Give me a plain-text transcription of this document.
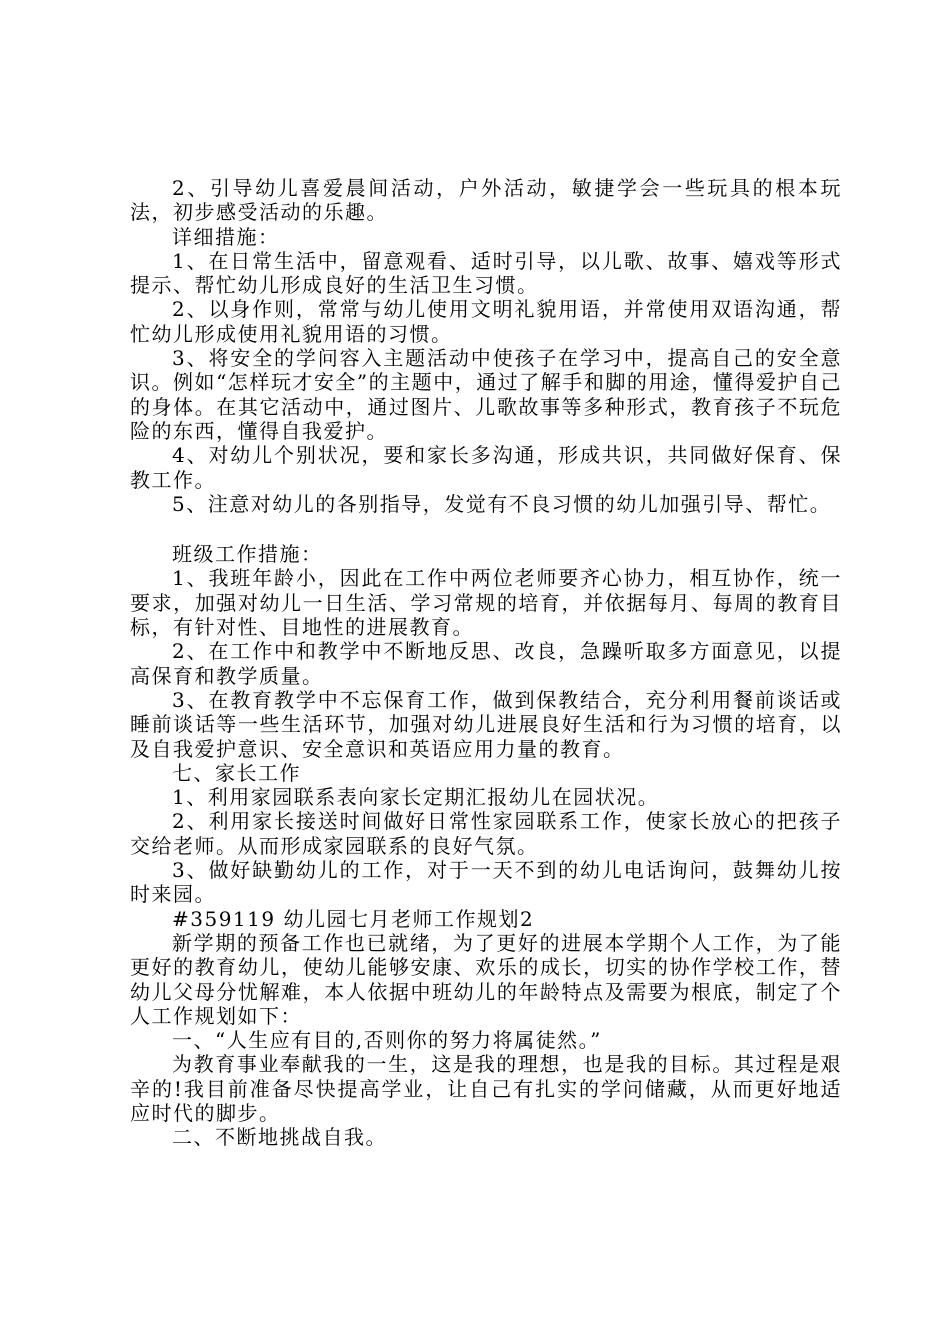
2、引导幼儿喜爱晨间活动，户外活动，敏捷学会一些玩具的根本玩法，初步感受活动的乐趣。

详细措施：

1、在日常生活中，留意观看、适时引导，以儿歌、故事、嬉戏等形式提示、帮忙幼儿形成良好的生活卫生习惯。

2、以身作则，常常与幼儿使用文明礼貌用语，并常使用双语沟通，帮忙幼儿形成使用礼貌用语的习惯。

3、将安全的学问容入主题活动中使孩子在学习中，提高自己的安全意识。例如“怎样玩才安全”的主题中，通过了解手和脚的用途，懂得爱护自己的身体。在其它活动中，通过图片、儿歌故事等多种形式，教育孩子不玩危险的东西，懂得自我爱护。

4、对幼儿个别状况，要和家长多沟通，形成共识，共同做好保育、保教工作。

5、注意对幼儿的各别指导，发觉有不良习惯的幼儿加强引导、帮忙。

班级工作措施：

1、我班年龄小，因此在工作中两位老师要齐心协力，相互协作，统一要求，加强对幼儿一日生活、学习常规的培育，并依据每月、每周的教育目标，有针对性、目地性的进展教育。

2、在工作中和教学中不断地反思、改良，急躁听取多方面意见，以提高保育和教学质量。

3、在教育教学中不忘保育工作，做到保教结合，充分利用餐前谈话或睡前谈话等一些生活环节，加强对幼儿进展良好生活和行为习惯的培育，以及自我爱护意识、安全意识和英语应用力量的教育。

七、家长工作

1、利用家园联系表向家长定期汇报幼儿在园状况。

2、利用家长接送时间做好日常性家园联系工作，使家长放心的把孩子交给老师。从而形成家园联系的良好气氛。

3、做好缺勤幼儿的工作，对于一天不到的幼儿电话询问，鼓舞幼儿按时来园。

#359119 幼儿园七月老师工作规划2

新学期的预备工作也已就绪，为了更好的进展本学期个人工作，为了能更好的教育幼儿，使幼儿能够安康、欢乐的成长，切实的协作学校工作，替幼儿父母分忧解难，本人依据中班幼儿的年龄特点及需要为根底，制定了个人工作规划如下：

一、“人生应有目的,否则你的努力将属徒然。”

为教育事业奉献我的一生，这是我的理想，也是我的目标。其过程是艰辛的!我目前准备尽快提高学业，让自己有扎实的学问储藏，从而更好地适应时代的脚步。

二、不断地挑战自我。
